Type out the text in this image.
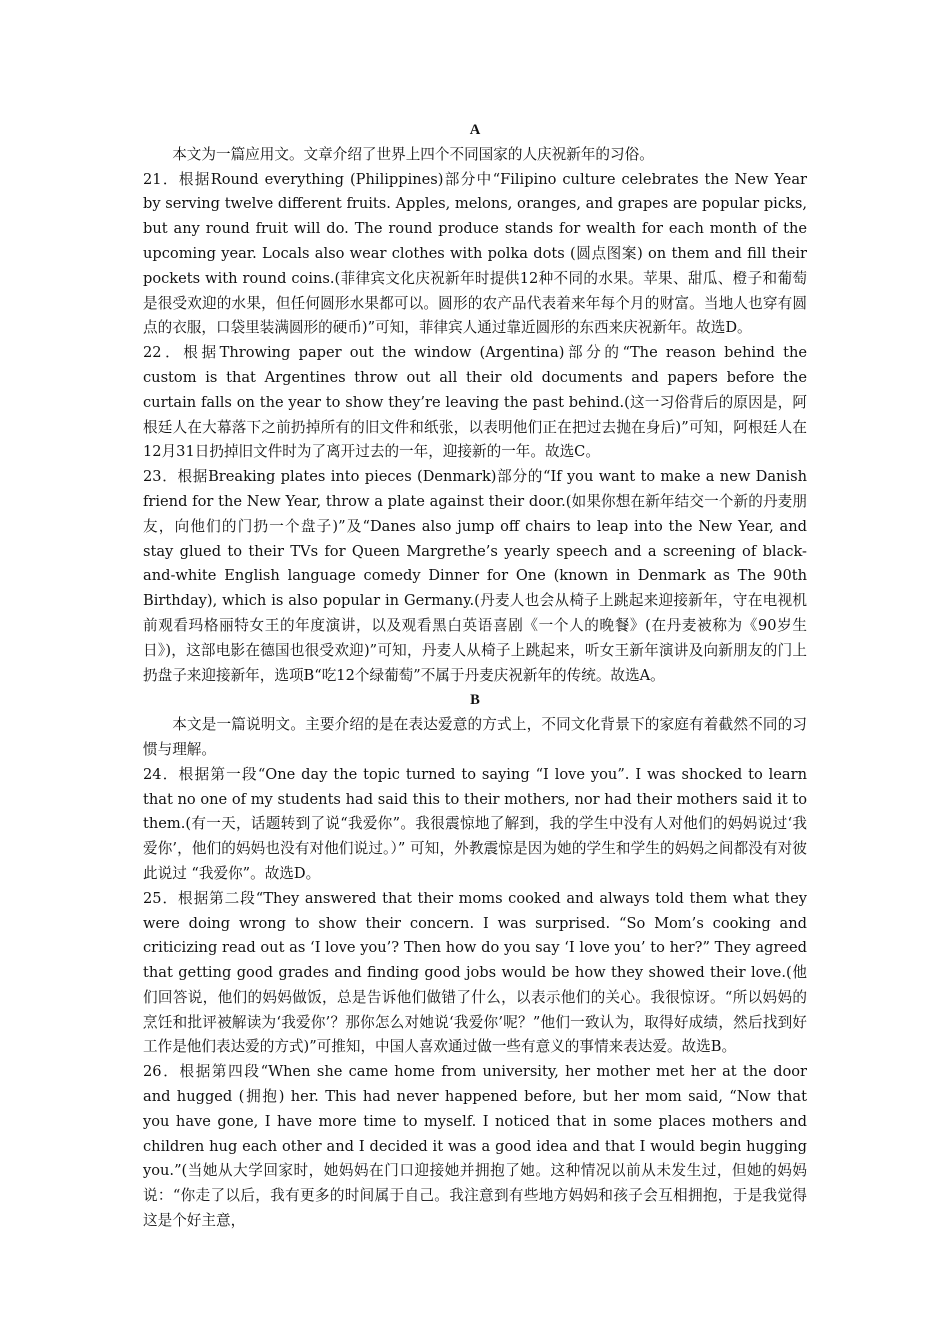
A

本文为一篇应用文。文章介绍了世界上四个不同国家的人庆祝新年的习俗。

21．根据Round everything (Philippines)部分中“Filipino culture celebrates the New Year by serving twelve different fruits. Apples, melons, oranges, and grapes are popular picks, but any round fruit will do. The round produce stands for wealth for each month of the upcoming year. Locals also wear clothes with polka dots (圆点图案) on them and fill their pockets with round coins.(菲律宾文化庆祝新年时提供12种不同的水果。苹果、甜瓜、橙子和葡萄是很受欢迎的水果，但任何圆形水果都可以。圆形的农产品代表着来年每个月的财富。当地人也穿有圆点的衣服，口袋里装满圆形的硬币)”可知，菲律宾人通过靠近圆形的东西来庆祝新年。故选D。

22．根据Throwing paper out the window (Argentina)部分的“The reason behind the custom is that Argentines throw out all their old documents and papers before the curtain falls on the year to show they’re leaving the past behind.(这一习俗背后的原因是，阿根廷人在大幕落下之前扔掉所有的旧文件和纸张，以表明他们正在把过去抛在身后)”可知，阿根廷人在12月31日扔掉旧文件时为了离开过去的一年，迎接新的一年。故选C。

23．根据Breaking plates into pieces (Denmark)部分的“If you want to make a new Danish friend for the New Year, throw a plate against their door.(如果你想在新年结交一个新的丹麦朋友，向他们的门扔一个盘子)”及“Danes also jump off chairs to leap into the New Year, and stay glued to their TVs for Queen Margrethe’s yearly speech and a screening of black-and-white English language comedy Dinner for One (known in Denmark as The 90th Birthday), which is also popular in Germany.(丹麦人也会从椅子上跳起来迎接新年，守在电视机前观看玛格丽特女王的年度演讲，以及观看黑白英语喜剧《一个人的晚餐》(在丹麦被称为《90岁生日》)，这部电影在德国也很受欢迎)”可知，丹麦人从椅子上跳起来，听女王新年演讲及向新朋友的门上扔盘子来迎接新年，选项B“吃12个绿葡萄”不属于丹麦庆祝新年的传统。故选A。

B

本文是一篇说明文。主要介绍的是在表达爱意的方式上，不同文化背景下的家庭有着截然不同的习惯与理解。

24．根据第一段“One day the topic turned to saying “I love you”. I was shocked to learn that no one of my students had said this to their mothers, nor had their mothers said it to them.(有一天，话题转到了说“我爱你”。我很震惊地了解到，我的学生中没有人对他们的妈妈说过‘我爱你’，他们的妈妈也没有对他们说过。）” 可知，外教震惊是因为她的学生和学生的妈妈之间都没有对彼此说过 “我爱你”。故选D。

25．根据第二段“They answered that their moms cooked and always told them what they were doing wrong to show their concern. I was surprised. “So Mom’s cooking and criticizing read out as ‘I love you’? Then how do you say ‘I love you’ to her?” They agreed that getting good grades and finding good jobs would be how they showed their love.(他们回答说，他们的妈妈做饭，总是告诉他们做错了什么，以表示他们的关心。我很惊讶。“所以妈妈的烹饪和批评被解读为‘我爱你’？那你怎么对她说‘我爱你’呢？”他们一致认为，取得好成绩，然后找到好工作是他们表达爱的方式)”可推知，中国人喜欢通过做一些有意义的事情来表达爱。故选B。

26．根据第四段“When she came home from university, her mother met her at the door and hugged (拥抱) her. This had never happened before, but her mom said, “Now that you have gone, I have more time to myself. I noticed that in some places mothers and children hug each other and I decided it was a good idea and that I would begin hugging you.”(当她从大学回家时，她妈妈在门口迎接她并拥抱了她。这种情况以前从未发生过，但她的妈妈说：“你走了以后，我有更多的时间属于自己。我注意到有些地方妈妈和孩子会互相拥抱，于是我觉得这是个好主意，
